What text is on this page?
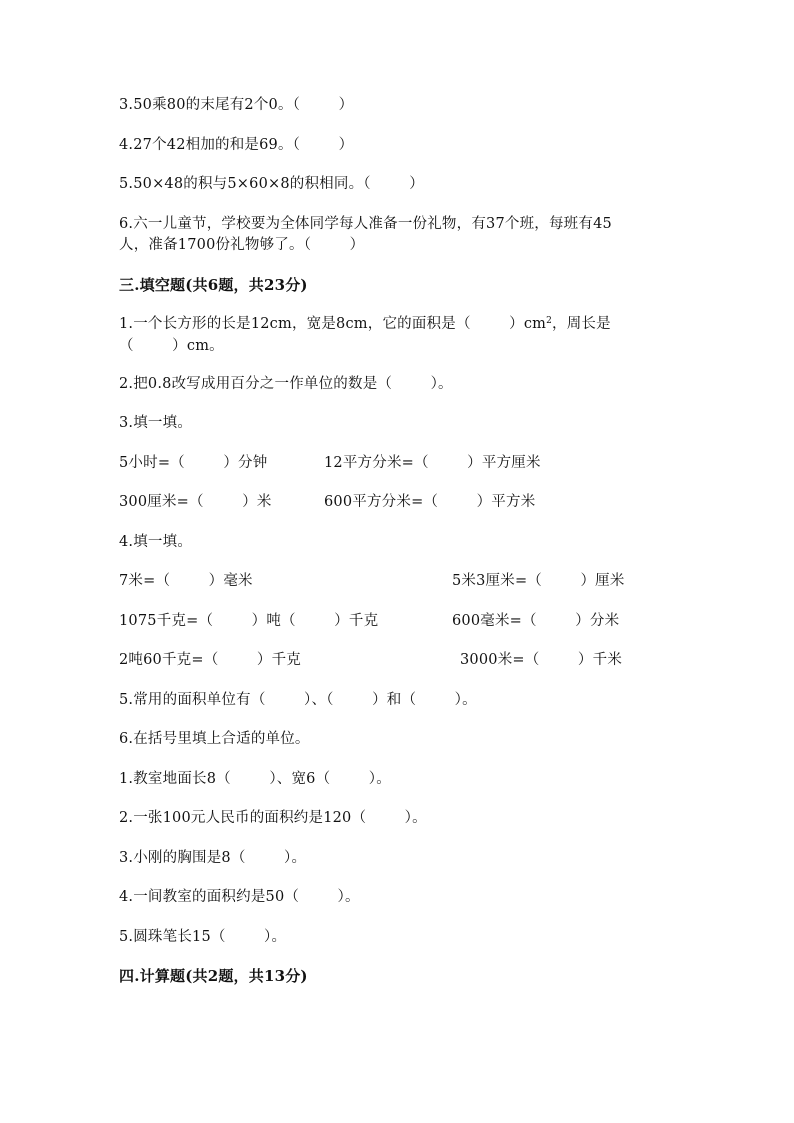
3.50乘80的末尾有2个0。（        ）
4.27个42相加的和是69。（        ）
5.50×48的积与5×60×8的积相同。（        ）
6.六一儿童节，学校要为全体同学每人准备一份礼物，有37个班，每班有45
人，准备1700份礼物够了。（        ）
三.填空题(共6题，共23分)
1.一个长方形的长是12cm，宽是8cm，它的面积是（        ）$cm^2$，周长是
（        ）cm。
2.把0.8改写成用百分之一作单位的数是（        ）。
3.填一填。
5小时=（        ）分钟	12平方分米=（        ）平方厘米
300厘米=（        ）米	600平方分米=（        ）平方米
4.填一填。
7米=（        ）毫米	5米3厘米=（        ）厘米
1075千克=（        ）吨（        ）千克	600毫米=（        ）分米
2吨60千克=（        ）千克	3000米=（        ）千米
5.常用的面积单位有（        ）、（        ）和（        ）。
6.在括号里填上合适的单位。
1.教室地面长8（        ）、宽6（        ）。
2.一张100元人民币的面积约是120（        ）。
3.小刚的胸围是8（        ）。
4.一间教室的面积约是50（        ）。
5.圆珠笔长15（        ）。
四.计算题(共2题，共13分)
